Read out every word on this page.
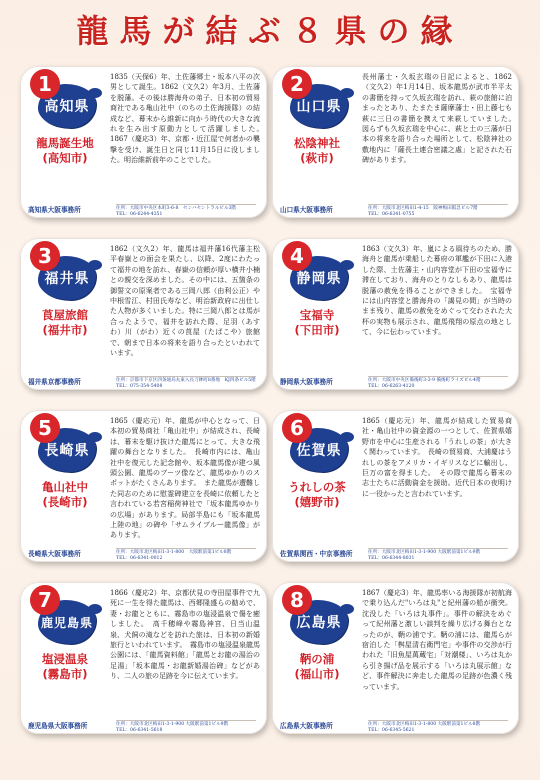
龍馬が結ぶ８県の縁
1
高知県
龍馬誕生地
(高知市)
1835（天保6）年、土佐藩郷士・坂本八平の次男として誕生。1862（文久2）年3月、土佐藩を脱藩。その後は勝海舟の弟子、日本初の貿易商社である亀山社中（のちの土佐海援隊）の結成など、幕末から維新に向かう時代の大きな流れを生み出す原動力として活躍しました。　1867（慶応3）年、京都・近江屋で何者かの襲撃を受け、誕生日と同じ11月15日に没しました。明治維新前年のことでした。
高知県大阪事務所	住所：大阪市中央区本町3-6-8　センバセントラルビル3階
TEL：06-6244-4351
2
山口県
松陰神社
(萩市)
長州藩士・久坂玄瑞の日記によると、1862（文久2）年1月14日、坂本龍馬が武市半平太の書簡を持って久坂玄瑞を訪れ、萩の旅館に泊まったとあり、たまたま薩摩藩士・田上藤七も萩に三日の書簡を携えて来萩していました。　図らずも久坂玄瑞を中心に、萩と土の三藩が日本の将来を語り合った場所として、松陰神社の敷地内に「薩長土連合密議之處」と記された石碑があります。
山口県大阪事務所	住所：大阪市北区梅田1-4-15　阪神梅田阪急ビル7階
TEL：06-6341-0755
3
福井県
莨屋旅館
(福井市)
1862（文久2）年、龍馬は福井藩16代藩主松平春嶽との面会を果たし、以降、2度にわたって福井の地を訪れ、春嶽の信頼が厚い横井小楠との親交を深めました。その中には、五箇条の御誓文の原案者である三岡八郎（由利公正）や中根雪江、村田氏寿など、明治新政府に出仕した人物が多くいました。特に三岡八郎とは馬が合ったようで、福井を訪れた際、足羽（あすわ）川（がわ）近くの莨屋（たばこや）旅館で、朝まで日本の将来を語り合ったといわれています。
福井県京都事務所	住所：京都市下京区四条通烏丸東入長刀鉾町8番地　KJ四条ビル5階
TEL：075-354-5408
4
静岡県
宝福寺
(下田市)
1863（文久3）年、嵐による風待ちのため、勝海舟と龍馬が乗船した幕府の軍艦が下田に入港した際、土佐藩主・山内容堂が下田の宝福寺に滞在しており、海舟のとりなしもあり、龍馬は脱藩の赦免を得ることができました。　宝福寺には山内容堂と勝海舟の「謁見の間」が当時のまま残り、龍馬の赦免をめぐって交わされた大杯の実物も展示され、龍馬飛翔の原点の地として、今に伝わっています。
静岡県大阪事務所	住所：大阪市中央区備後町3-3-9 備後町ライズビル4階
TEL：06-6263-4120
5
長崎県
亀山社中
(長崎市)
1865（慶応元）年、龍馬が中心となって、日本初の貿易商社「亀山社中」が結成され、長崎は、幕末を駆け抜けた龍馬にとって、大きな飛躍の舞台となりました。　長崎市内には、亀山社中を復元した記念館や、坂本龍馬像が建つ風頭公園、龍馬のブーツ像など、龍馬ゆかりのスポットがたくさんあります。　また龍馬が遭難した同志のために慰霊碑建立を長崎に依頼したと言われている若宮稲荷神社で「坂本龍馬ゆかりの広場」があります。局部半島にも「坂本龍馬上陸の地」の碑や「サムライブルー龍馬像」があります。
長崎県大阪事務所	住所：大阪市北区梅田1-3-1-800　大阪駅前第1ビル8階
TEL：06-6341-0012
6
佐賀県
うれしの茶
(嬉野市)
1865（慶応元）年、龍馬が結成した貿易商社・亀山社中の資金源の一つとして、佐賀県嬉野市を中心に生産される「うれしの茶」が大きく関わっています。　長崎の貿易商、大浦慶はうれしの茶をアメリカ・イギリスなどに輸出し、巨万の富を得ました。　その際で龍馬ら幕末の志士たちに活動資金を援助。近代日本の夜明けに一役かったと言われています。
佐賀県関西・中京事務所	住所：大阪市北区梅田1-3-1-900 大阪駅前第1ビル9階
TEL：06-6344-8031
7
鹿児島県
塩浸温泉
(霧島市)
1866（慶応2）年、京都伏見の寺田屋事件で九死に一生を得た龍馬は、西郷隆盛らの勧めで、妻・お龍とともに、霧島市の塩浸温泉で傷を癒しました。　高千穂峰や霧島神宮、日当山温泉、犬飼の滝などを訪れた旅は、日本初の新婚旅行といわれています。　霧島市の塩浸温泉龍馬公園には、「龍馬資料館」「龍馬とお龍の湯治の足湯」「坂本龍馬・お龍新婚湯治碑」などがあり、二人の旅の足跡を今に伝えています。
鹿児島県大阪事務所	住所：大阪市北区梅田1-3-1-900 大阪駅前第1ビル9階
TEL：06-6341-5618
8
広島県
鞆の浦
(福山市)
1867（慶応3）年、龍馬率いる海援隊が初航海で乗り込んだ"いろは丸"と紀州藩の船が衝突。沈没した「いろは丸事件」。事件の解決をめぐって紀州藩と激しい談判を繰り広げる舞台となったのが、鞆の浦です。鞆の浦には、龍馬らが宿泊した「桝屋清右衛門宅」や事件の交渉が行われた「旧魚屋萬蔵宅」「対潮楼」、いろは丸から引き揚げ品を展示する「いろは丸展示館」など、事件解決に奔走した龍馬の足跡が色濃く残っています。
広島県大阪事務所	住所：大阪市北区梅田1-3-1-800 大阪駅前第1ビル8階
TEL：06-6345-5621
